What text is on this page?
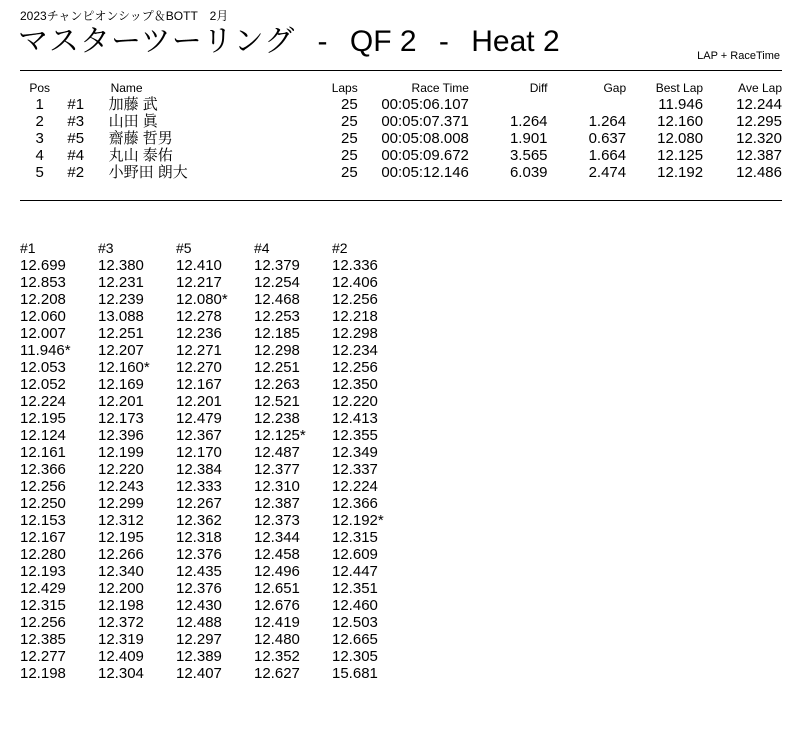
2023チャンピオンシップ＆BOTT　2月
マスターツーリング - QF 2 - Heat 2	LAP + RaceTime
Pos		Name	Laps	Race Time	Diff	Gap	Best Lap	Ave Lap
1	#1	加藤 武	25	00:05:06.107			11.946	12.244
2	#3	山田 眞	25	00:05:07.371	1.264	1.264	12.160	12.295
3	#5	齋藤 哲男	25	00:05:08.008	1.901	0.637	12.080	12.320
4	#4	丸山 泰佑	25	00:05:09.672	3.565	1.664	12.125	12.387
5	#2	小野田 朗大	25	00:05:12.146	6.039	2.474	12.192	12.486
#1	#3	#5	#4	#2
12.699	12.380	12.410	12.379	12.336
12.853	12.231	12.217	12.254	12.406
12.208	12.239	12.080*	12.468	12.256
12.060	13.088	12.278	12.253	12.218
12.007	12.251	12.236	12.185	12.298
11.946*	12.207	12.271	12.298	12.234
12.053	12.160*	12.270	12.251	12.256
12.052	12.169	12.167	12.263	12.350
12.224	12.201	12.201	12.521	12.220
12.195	12.173	12.479	12.238	12.413
12.124	12.396	12.367	12.125*	12.355
12.161	12.199	12.170	12.487	12.349
12.366	12.220	12.384	12.377	12.337
12.256	12.243	12.333	12.310	12.224
12.250	12.299	12.267	12.387	12.366
12.153	12.312	12.362	12.373	12.192*
12.167	12.195	12.318	12.344	12.315
12.280	12.266	12.376	12.458	12.609
12.193	12.340	12.435	12.496	12.447
12.429	12.200	12.376	12.651	12.351
12.315	12.198	12.430	12.676	12.460
12.256	12.372	12.488	12.419	12.503
12.385	12.319	12.297	12.480	12.665
12.277	12.409	12.389	12.352	12.305
12.198	12.304	12.407	12.627	15.681
